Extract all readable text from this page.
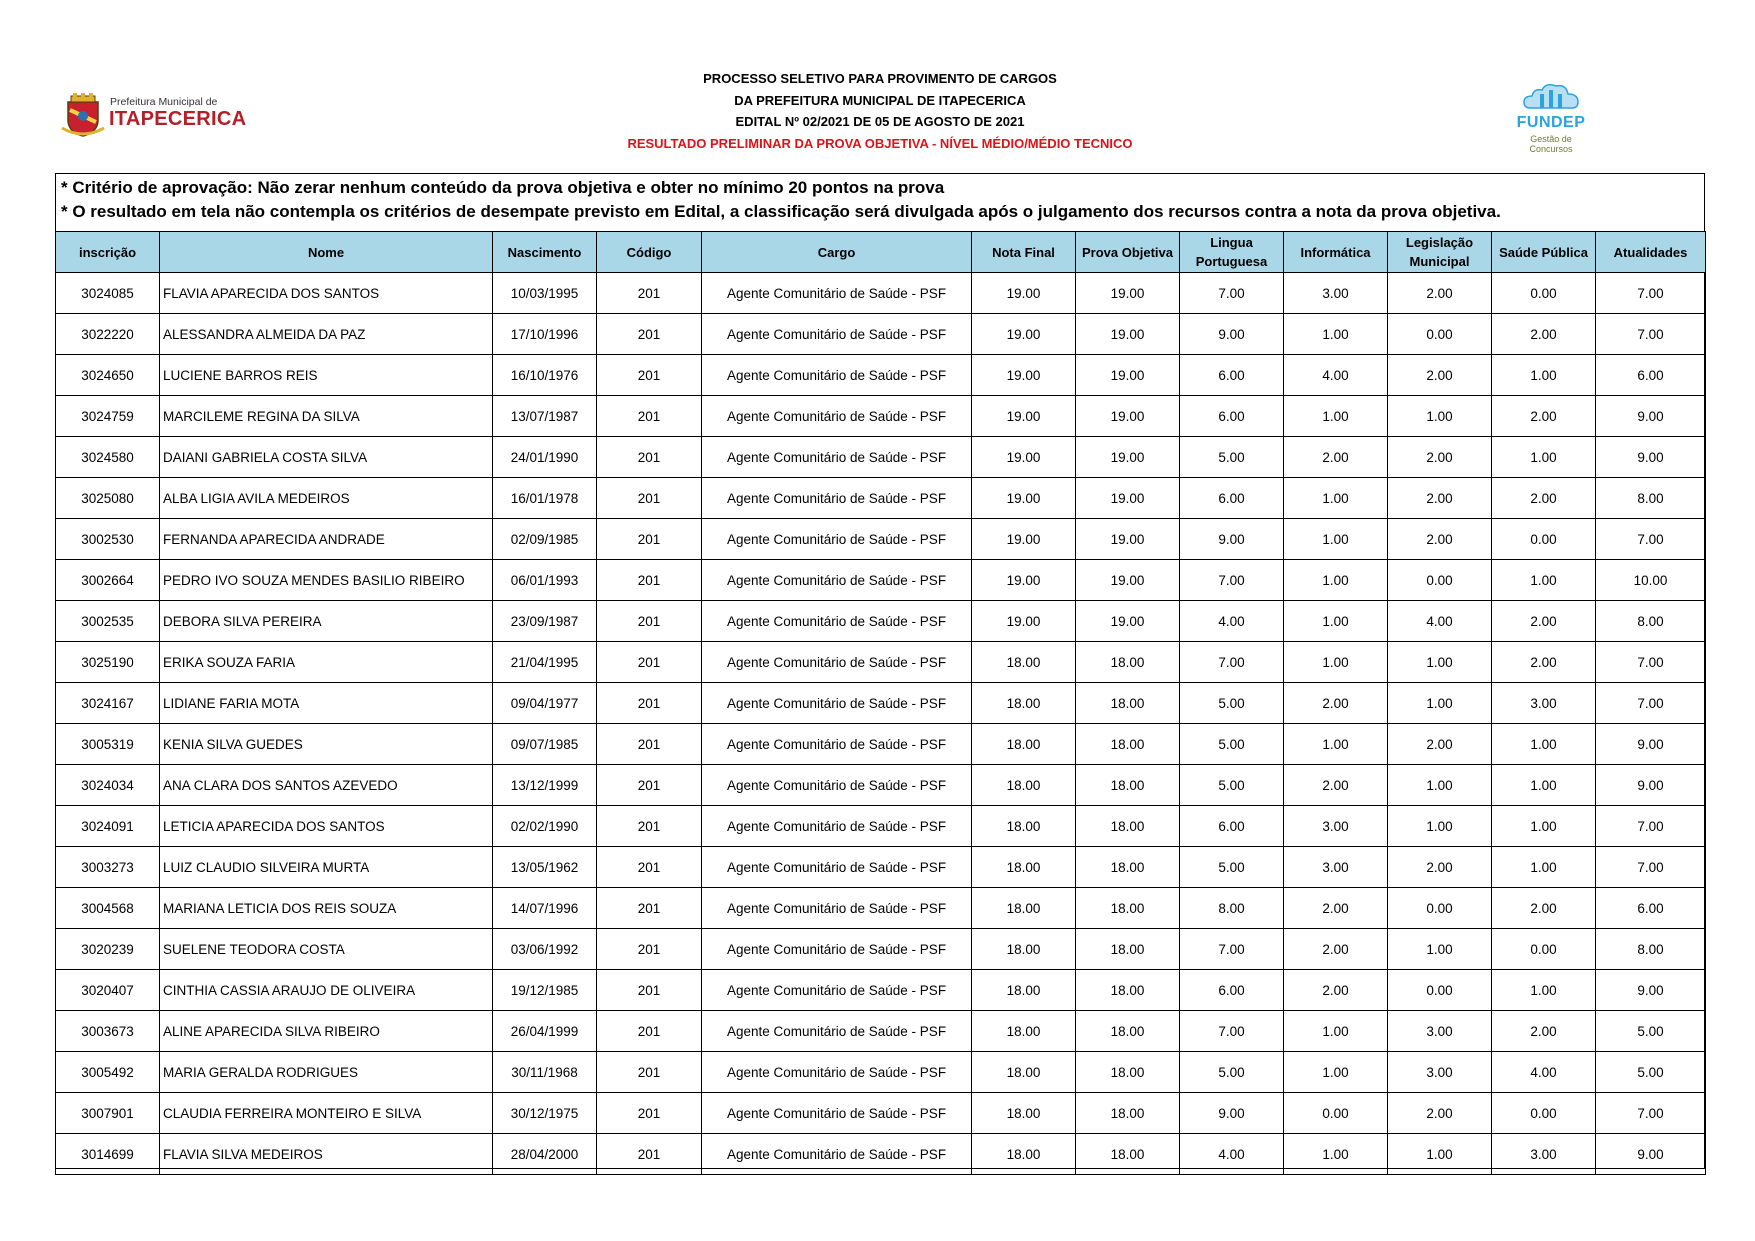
Prefeitura Municipal de
ITAPECERICA
PROCESSO SELETIVO PARA PROVIMENTO DE CARGOS
DA PREFEITURA MUNICIPAL DE ITAPECERICA
EDITAL Nº 02/2021 DE 05 DE AGOSTO DE 2021
RESULTADO PRELIMINAR DA PROVA OBJETIVA - NÍVEL MÉDIO/MÉDIO TECNICO
FUNDEP
Gestão de Concursos
* Critério de aprovação: Não zerar nenhum conteúdo da prova objetiva e obter no mínimo 20 pontos na prova
* O resultado em tela não contempla os critérios de desempate previsto em Edital, a classificação será divulgada após o julgamento dos recursos contra a nota da prova objetiva.
inscrição	Nome	Nascimento	Código	Cargo	Nota Final	Prova Objetiva	Lingua Portuguesa	Informática	Legislação Municipal	Saúde Pública	Atualidades
3024085	FLAVIA APARECIDA DOS SANTOS	10/03/1995	201	Agente Comunitário de Saúde - PSF	19.00	19.00	7.00	3.00	2.00	0.00	7.00
3022220	ALESSANDRA ALMEIDA DA PAZ	17/10/1996	201	Agente Comunitário de Saúde - PSF	19.00	19.00	9.00	1.00	0.00	2.00	7.00
3024650	LUCIENE BARROS REIS	16/10/1976	201	Agente Comunitário de Saúde - PSF	19.00	19.00	6.00	4.00	2.00	1.00	6.00
3024759	MARCILEME REGINA DA SILVA	13/07/1987	201	Agente Comunitário de Saúde - PSF	19.00	19.00	6.00	1.00	1.00	2.00	9.00
3024580	DAIANI GABRIELA COSTA SILVA	24/01/1990	201	Agente Comunitário de Saúde - PSF	19.00	19.00	5.00	2.00	2.00	1.00	9.00
3025080	ALBA LIGIA AVILA MEDEIROS	16/01/1978	201	Agente Comunitário de Saúde - PSF	19.00	19.00	6.00	1.00	2.00	2.00	8.00
3002530	FERNANDA APARECIDA ANDRADE	02/09/1985	201	Agente Comunitário de Saúde - PSF	19.00	19.00	9.00	1.00	2.00	0.00	7.00
3002664	PEDRO IVO SOUZA MENDES BASILIO RIBEIRO	06/01/1993	201	Agente Comunitário de Saúde - PSF	19.00	19.00	7.00	1.00	0.00	1.00	10.00
3002535	DEBORA SILVA PEREIRA	23/09/1987	201	Agente Comunitário de Saúde - PSF	19.00	19.00	4.00	1.00	4.00	2.00	8.00
3025190	ERIKA SOUZA FARIA	21/04/1995	201	Agente Comunitário de Saúde - PSF	18.00	18.00	7.00	1.00	1.00	2.00	7.00
3024167	LIDIANE FARIA MOTA	09/04/1977	201	Agente Comunitário de Saúde - PSF	18.00	18.00	5.00	2.00	1.00	3.00	7.00
3005319	KENIA SILVA GUEDES	09/07/1985	201	Agente Comunitário de Saúde - PSF	18.00	18.00	5.00	1.00	2.00	1.00	9.00
3024034	ANA CLARA DOS SANTOS AZEVEDO	13/12/1999	201	Agente Comunitário de Saúde - PSF	18.00	18.00	5.00	2.00	1.00	1.00	9.00
3024091	LETICIA APARECIDA DOS SANTOS	02/02/1990	201	Agente Comunitário de Saúde - PSF	18.00	18.00	6.00	3.00	1.00	1.00	7.00
3003273	LUIZ CLAUDIO SILVEIRA MURTA	13/05/1962	201	Agente Comunitário de Saúde - PSF	18.00	18.00	5.00	3.00	2.00	1.00	7.00
3004568	MARIANA LETICIA DOS REIS SOUZA	14/07/1996	201	Agente Comunitário de Saúde - PSF	18.00	18.00	8.00	2.00	0.00	2.00	6.00
3020239	SUELENE TEODORA COSTA	03/06/1992	201	Agente Comunitário de Saúde - PSF	18.00	18.00	7.00	2.00	1.00	0.00	8.00
3020407	CINTHIA CASSIA ARAUJO DE OLIVEIRA	19/12/1985	201	Agente Comunitário de Saúde - PSF	18.00	18.00	6.00	2.00	0.00	1.00	9.00
3003673	ALINE APARECIDA SILVA RIBEIRO	26/04/1999	201	Agente Comunitário de Saúde - PSF	18.00	18.00	7.00	1.00	3.00	2.00	5.00
3005492	MARIA GERALDA RODRIGUES	30/11/1968	201	Agente Comunitário de Saúde - PSF	18.00	18.00	5.00	1.00	3.00	4.00	5.00
3007901	CLAUDIA FERREIRA MONTEIRO E SILVA	30/12/1975	201	Agente Comunitário de Saúde - PSF	18.00	18.00	9.00	0.00	2.00	0.00	7.00
3014699	FLAVIA SILVA MEDEIROS	28/04/2000	201	Agente Comunitário de Saúde - PSF	18.00	18.00	4.00	1.00	1.00	3.00	9.00
